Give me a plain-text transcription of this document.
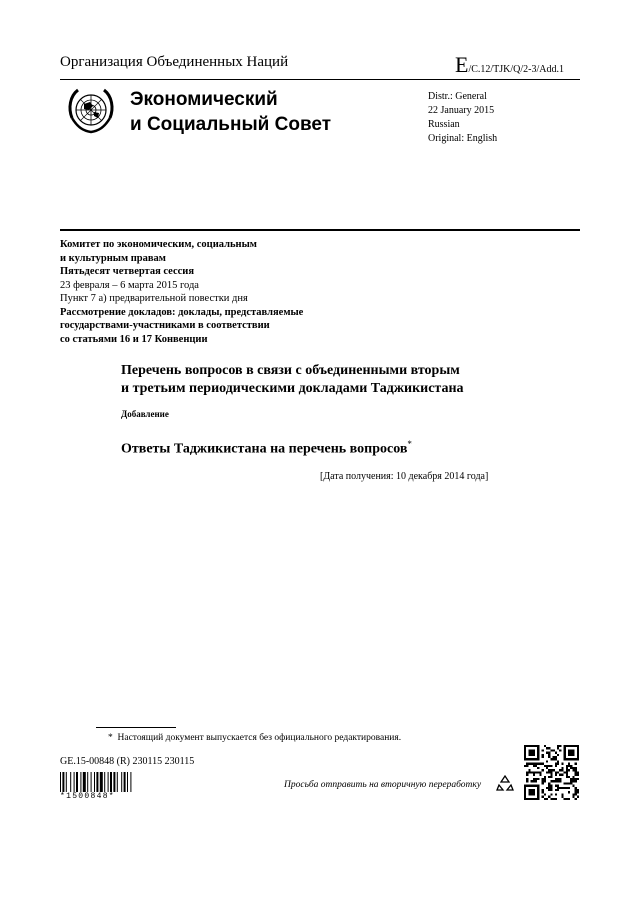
Организация Объединенных Наций	E/C.12/TJK/Q/2-3/Add.1
Экономический
и Социальный Совет
Distr.: General
22 January 2015
Russian
Original: English
Комитет по экономическим, социальным
и культурным правам
Пятьдесят четвертая сессия
23 февраля – 6 марта 2015 года
Пункт 7 а) предварительной повестки дня
Рассмотрение докладов: доклады, представляемые
государствами-участниками в соответствии
со статьями 16 и 17 Конвенции
Перечень вопросов в связи с объединенными вторым
и третьим периодическими докладами Таджикистана
Добавление
Ответы Таджикистана на перечень вопросов*
[Дата получения: 10 декабря 2014 года]
* Настоящий документ выпускается без официального редактирования.
GE.15-00848 (R) 230115 230115
*1500848*
Просьба отправить на вторичную переработку
